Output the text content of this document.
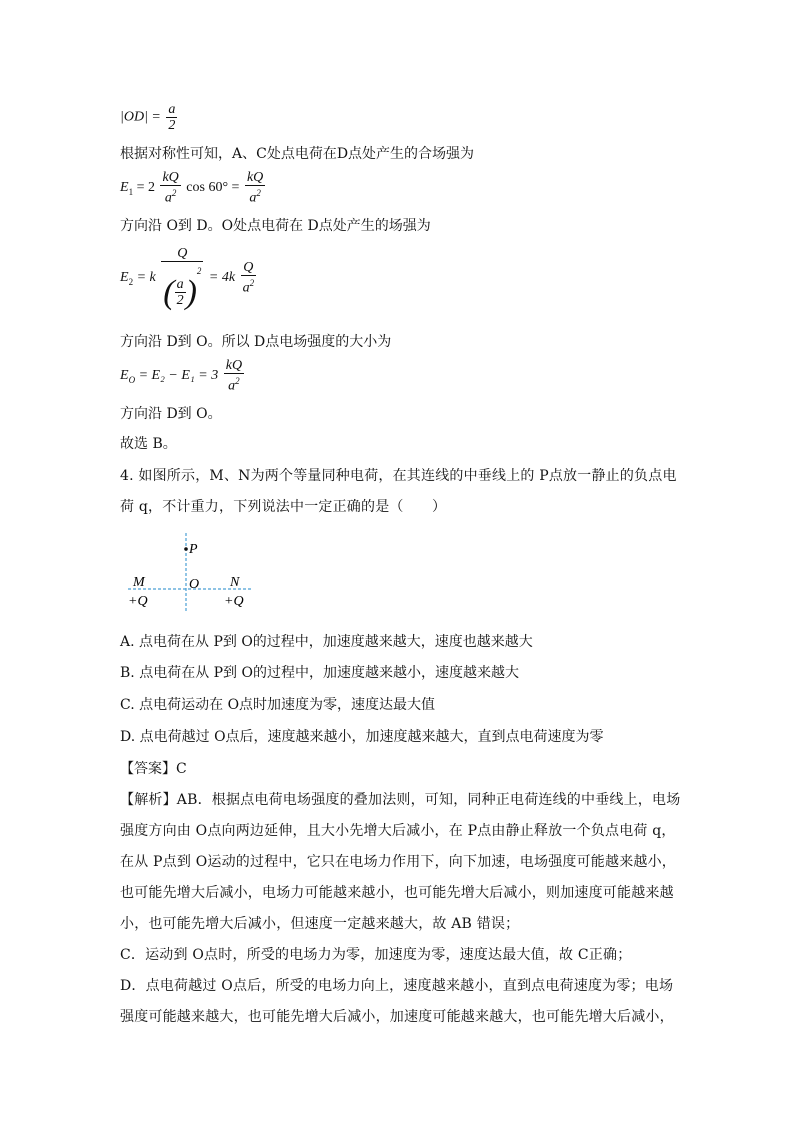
$|OD| = \frac{a}{2}$
根据对称性可知，A、C处点电荷在D点处产生的合场强为
$E_1 = 2 \frac{kQ}{a^2}$ $\cos 60^\circ = \frac{kQ}{a^2}$
方向沿 O到 D。O处点电荷在 D点处产生的场强为
$E_2 = k \frac{Q}{( \frac{a}{2} )^2} = 4k \frac{Q}{a^2}$
方向沿 D到 O。所以 D点电场强度的大小为
$E_O = E_2 - E_1 = 3 \frac{kQ}{a^2}$
方向沿 D到 O。
故选 B。
4. 如图所示，M、N为两个等量同种电荷，在其连线的中垂线上的 P点放一静止的负点电
荷 q，不计重力，下列说法中一定正确的是（　　）
P
M	O N
+Q	+Q
A. 点电荷在从 P到 O的过程中，加速度越来越大，速度也越来越大
B. 点电荷在从 P到 O的过程中，加速度越来越小，速度越来越大
C. 点电荷运动在 O点时加速度为零，速度达最大值
D. 点电荷越过 O点后，速度越来越小，加速度越来越大，直到点电荷速度为零
【答案】C
【解析】AB．根据点电荷电场强度的叠加法则，可知，同种正电荷连线的中垂线上，电场
强度方向由 O点向两边延伸，且大小先增大后减小，在 P点由静止释放一个负点电荷 q，
在从 P点到 O运动的过程中，它只在电场力作用下，向下加速，电场强度可能越来越小，
也可能先增大后减小，电场力可能越来越小，也可能先增大后减小，则加速度可能越来越
小，也可能先增大后减小，但速度一定越来越大，故 AB 错误；
C．运动到 O点时，所受的电场力为零，加速度为零，速度达最大值，故 C正确；
D．点电荷越过 O点后，所受的电场力向上，速度越来越小，直到点电荷速度为零；电场
强度可能越来越大，也可能先增大后减小，加速度可能越来越大，也可能先增大后减小，
